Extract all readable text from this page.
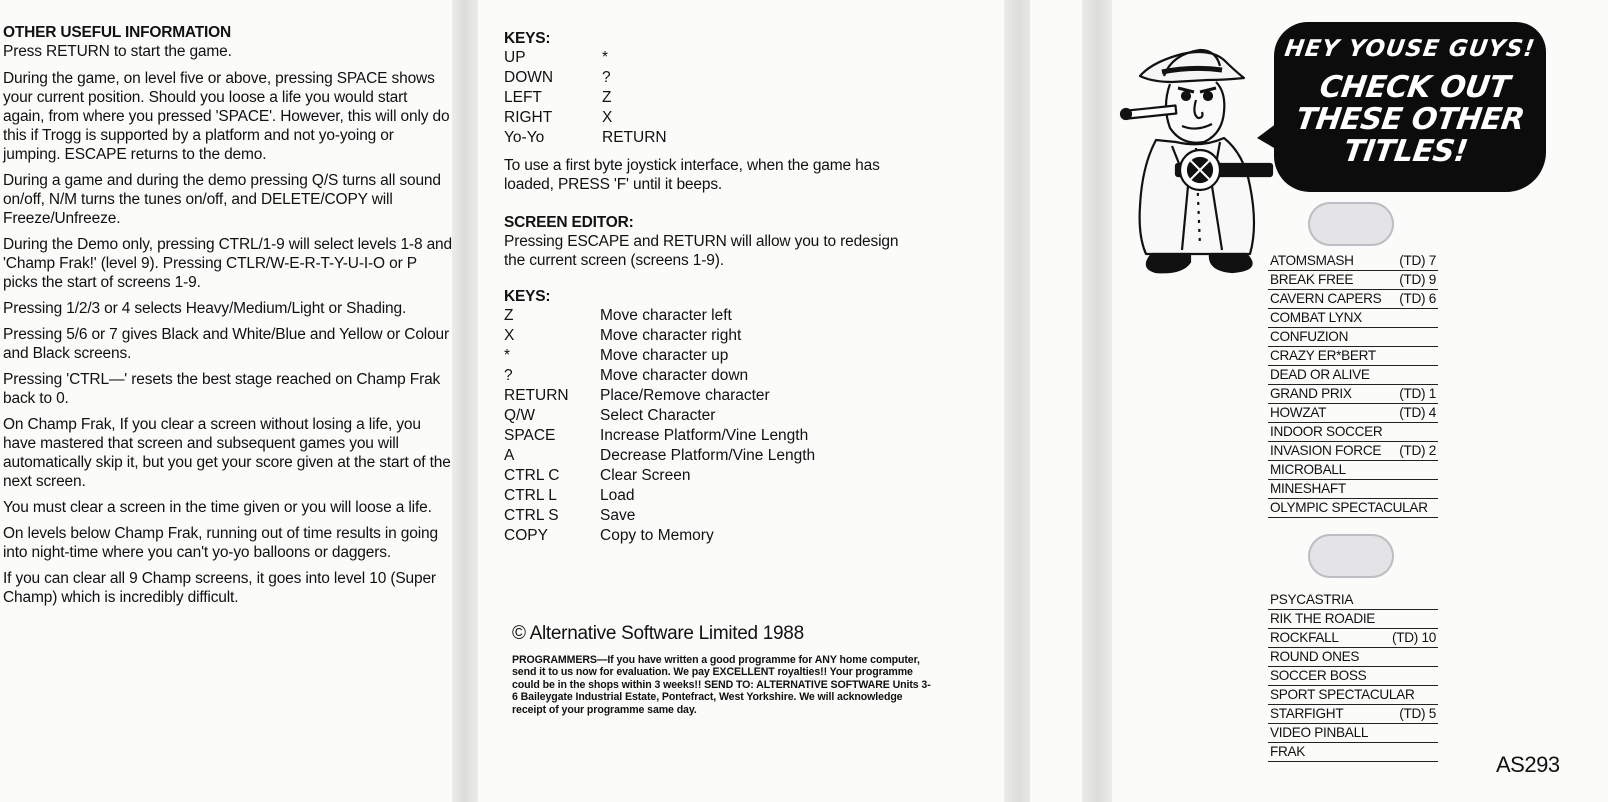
OTHER USEFUL INFORMATION
Press RETURN to start the game.
During the game, on level five or above, pressing SPACE shows your current position. Should you loose a life you would start again, from where you pressed 'SPACE'. However, this will only do this if Trogg is supported by a platform and not yo-yoing or jumping. ESCAPE returns to the demo.
During a game and during the demo pressing Q/S turns all sound on/off, N/M turns the tunes on/off, and DELETE/COPY will Freeze/Unfreeze.
During the Demo only, pressing CTRL/1-9 will select levels 1-8 and 'Champ Frak!' (level 9). Pressing CTLR/W-E-R-T-Y-U-I-O or P picks the start of screens 1-9.
Pressing 1/2/3 or 4 selects Heavy/Medium/Light or Shading.
Pressing 5/6 or 7 gives Black and White/Blue and Yellow or Colour and Black screens.
Pressing 'CTRL—' resets the best stage reached on Champ Frak back to 0.
On Champ Frak, If you clear a screen without losing a life, you have mastered that screen and subsequent games you will automatically skip it, but you get your score given at the start of the next screen.
You must clear a screen in the time given or you will loose a life.
On levels below Champ Frak, running out of time results in going into night-time where you can't yo-yo balloons or daggers.
If you can clear all 9 Champ screens, it goes into level 10 (Super Champ) which is incredibly difficult.
KEYS:
UP	*
DOWN	?
LEFT	Z
RIGHT	X
Yo-Yo	RETURN
To use a first byte joystick interface, when the game has loaded, PRESS 'F' until it beeps.
SCREEN EDITOR:
Pressing ESCAPE and RETURN will allow you to redesign the current screen (screens 1-9).
KEYS:
Z	Move character left
X	Move character right
*	Move character up
?	Move character down
RETURN	Place/Remove character
Q/W	Select Character
SPACE	Increase Platform/Vine Length
A	Decrease Platform/Vine Length
CTRL C	Clear Screen
CTRL L	Load
CTRL S	Save
COPY	Copy to Memory
© Alternative Software Limited 1988
PROGRAMMERS—If you have written a good programme for ANY home computer, send it to us now for evaluation. We pay EXCELLENT royalties!! Your programme could be in the shops within 3 weeks!! SEND TO: ALTERNATIVE SOFTWARE Units 3-6 Baileygate Industrial Estate, Pontefract, West Yorkshire. We will acknowledge receipt of your programme same day.
HEY YOUSE GUYS!
CHECK OUT THESE OTHER TITLES!
ATOMSMASH	(TD) 7
BREAK FREE	(TD) 9
CAVERN CAPERS (TD) 6
COMBAT LYNX
CONFUZION
CRAZY ER*BERT
DEAD OR ALIVE
GRAND PRIX	(TD) 1
HOWZAT	(TD) 4
INDOOR SOCCER
INVASION FORCE (TD) 2
MICROBALL
MINESHAFT
OLYMPIC SPECTACULAR
PSYCASTRIA
RIK THE ROADIE
ROCKFALL	(TD) 10
ROUND ONES
SOCCER BOSS
SPORT SPECTACULAR
STARFIGHT	(TD) 5
VIDEO PINBALL
FRAK
AS293
